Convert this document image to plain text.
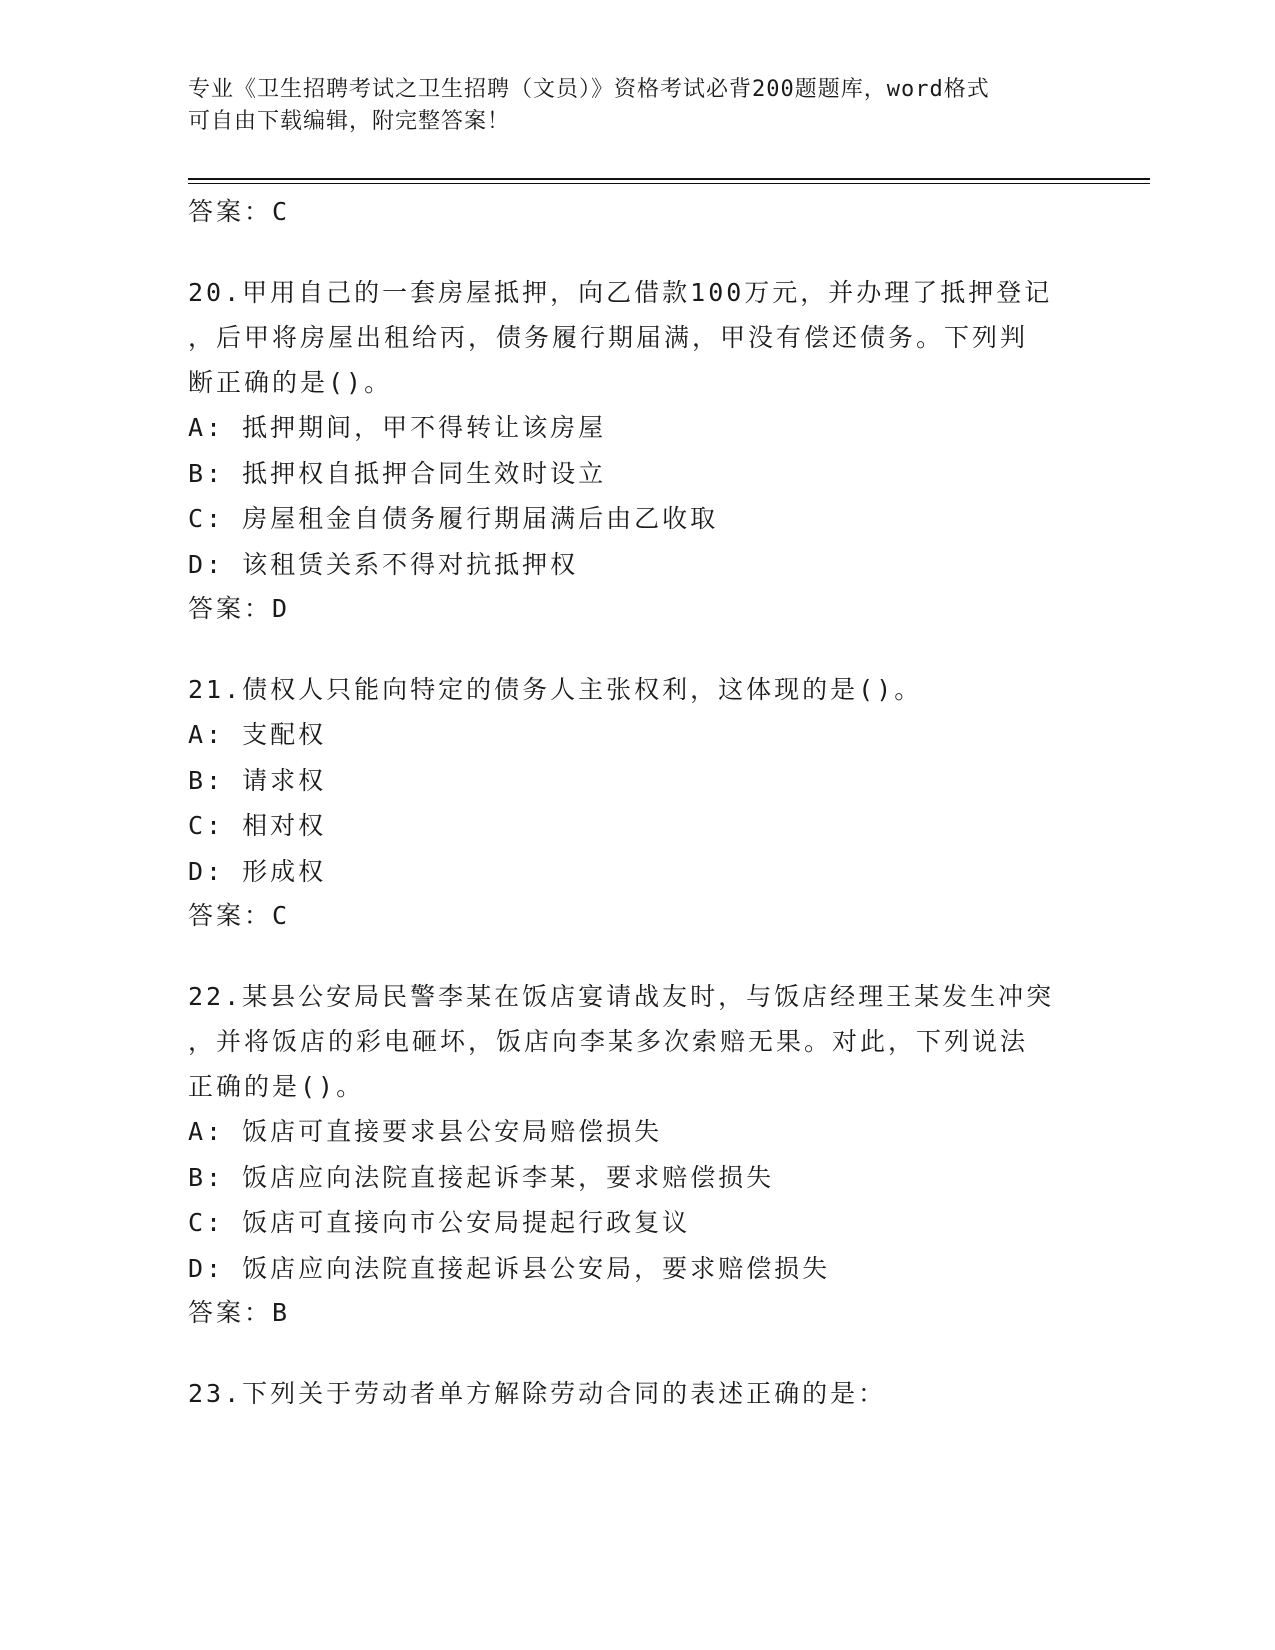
专业《卫生招聘考试之卫生招聘（文员）》资格考试必背200题题库，word格式
可自由下载编辑，附完整答案！
答案：C
20.甲用自己的一套房屋抵押，向乙借款100万元，并办理了抵押登记
，后甲将房屋出租给丙，债务履行期届满，甲没有偿还债务。下列判
断正确的是()。
A: 抵押期间，甲不得转让该房屋
B: 抵押权自抵押合同生效时设立
C: 房屋租金自债务履行期届满后由乙收取
D: 该租赁关系不得对抗抵押权
答案：D
21.债权人只能向特定的债务人主张权利，这体现的是()。
A: 支配权
B: 请求权
C: 相对权
D: 形成权
答案：C
22.某县公安局民警李某在饭店宴请战友时，与饭店经理王某发生冲突
，并将饭店的彩电砸坏，饭店向李某多次索赔无果。对此，下列说法
正确的是()。
A: 饭店可直接要求县公安局赔偿损失
B: 饭店应向法院直接起诉李某，要求赔偿损失
C: 饭店可直接向市公安局提起行政复议
D: 饭店应向法院直接起诉县公安局，要求赔偿损失
答案：B
23.下列关于劳动者单方解除劳动合同的表述正确的是：
